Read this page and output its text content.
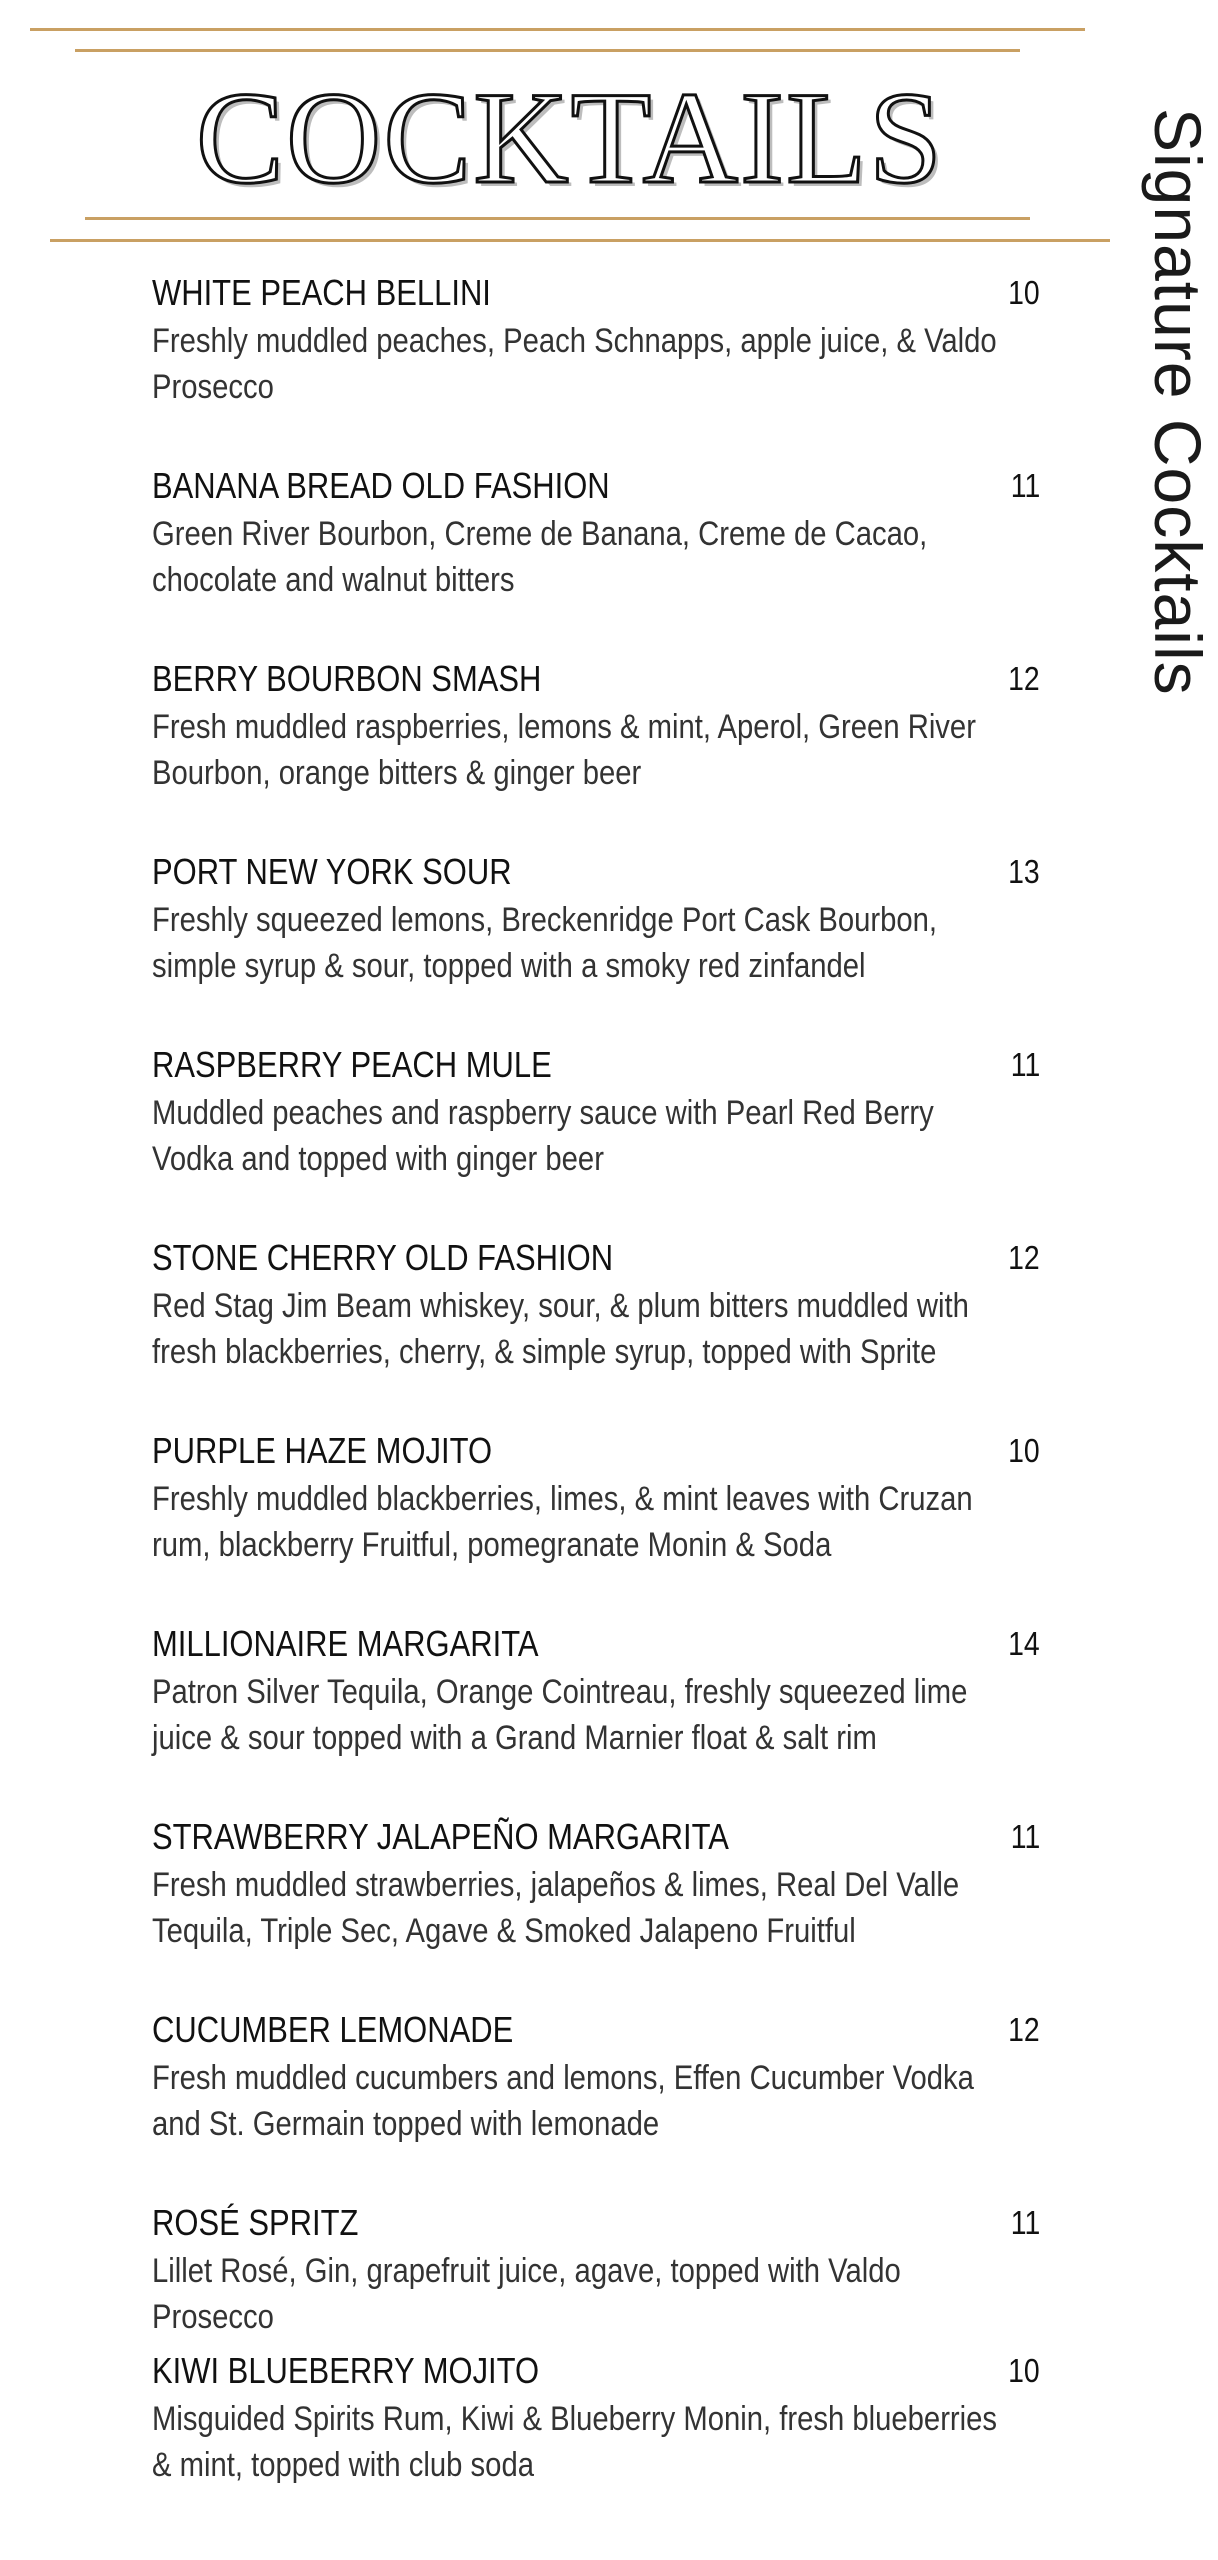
COCKTAILS	Signature Cocktails
WHITE PEACH BELLINI	10

Freshly muddled peaches, Peach Schnapps, apple juice, & Valdo Prosecco

BANANA BREAD OLD FASHION	11

Green River Bourbon, Creme de Banana, Creme de Cacao, chocolate and walnut bitters

BERRY BOURBON SMASH	12

Fresh muddled raspberries, lemons & mint, Aperol, Green River Bourbon, orange bitters & ginger beer

PORT NEW YORK SOUR	13

Freshly squeezed lemons, Breckenridge Port Cask Bourbon, simple syrup & sour, topped with a smoky red zinfandel

RASPBERRY PEACH MULE	11

Muddled peaches and raspberry sauce with Pearl Red Berry Vodka and topped with ginger beer

STONE CHERRY OLD FASHION	12

Red Stag Jim Beam whiskey, sour, & plum bitters muddled with fresh blackberries, cherry, & simple syrup, topped with Sprite

PURPLE HAZE MOJITO	10

Freshly muddled blackberries, limes, & mint leaves with Cruzan rum, blackberry Fruitful, pomegranate Monin & Soda

MILLIONAIRE MARGARITA	14

Patron Silver Tequila, Orange Cointreau, freshly squeezed lime juice & sour topped with a Grand Marnier float & salt rim

STRAWBERRY JALAPEÑO MARGARITA	11

Fresh muddled strawberries, jalapeños & limes, Real Del Valle Tequila, Triple Sec, Agave & Smoked Jalapeno Fruitful

CUCUMBER LEMONADE	12

Fresh muddled cucumbers and lemons, Effen Cucumber Vodka and St. Germain topped with lemonade

ROSÉ SPRITZ	11

Lillet Rosé, Gin, grapefruit juice, agave, topped with Valdo Prosecco

KIWI BLUEBERRY MOJITO	10

Misguided Spirits Rum, Kiwi & Blueberry Monin, fresh blueberries & mint, topped with club soda
